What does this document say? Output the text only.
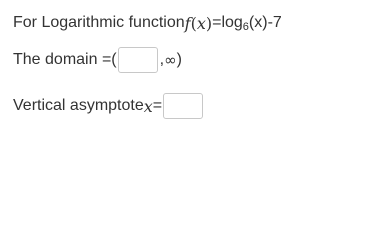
For Logarithmic function f ( x ) =log 6 (x)-7
The domain =(	, ∞ )
Vertical asymptote x =
